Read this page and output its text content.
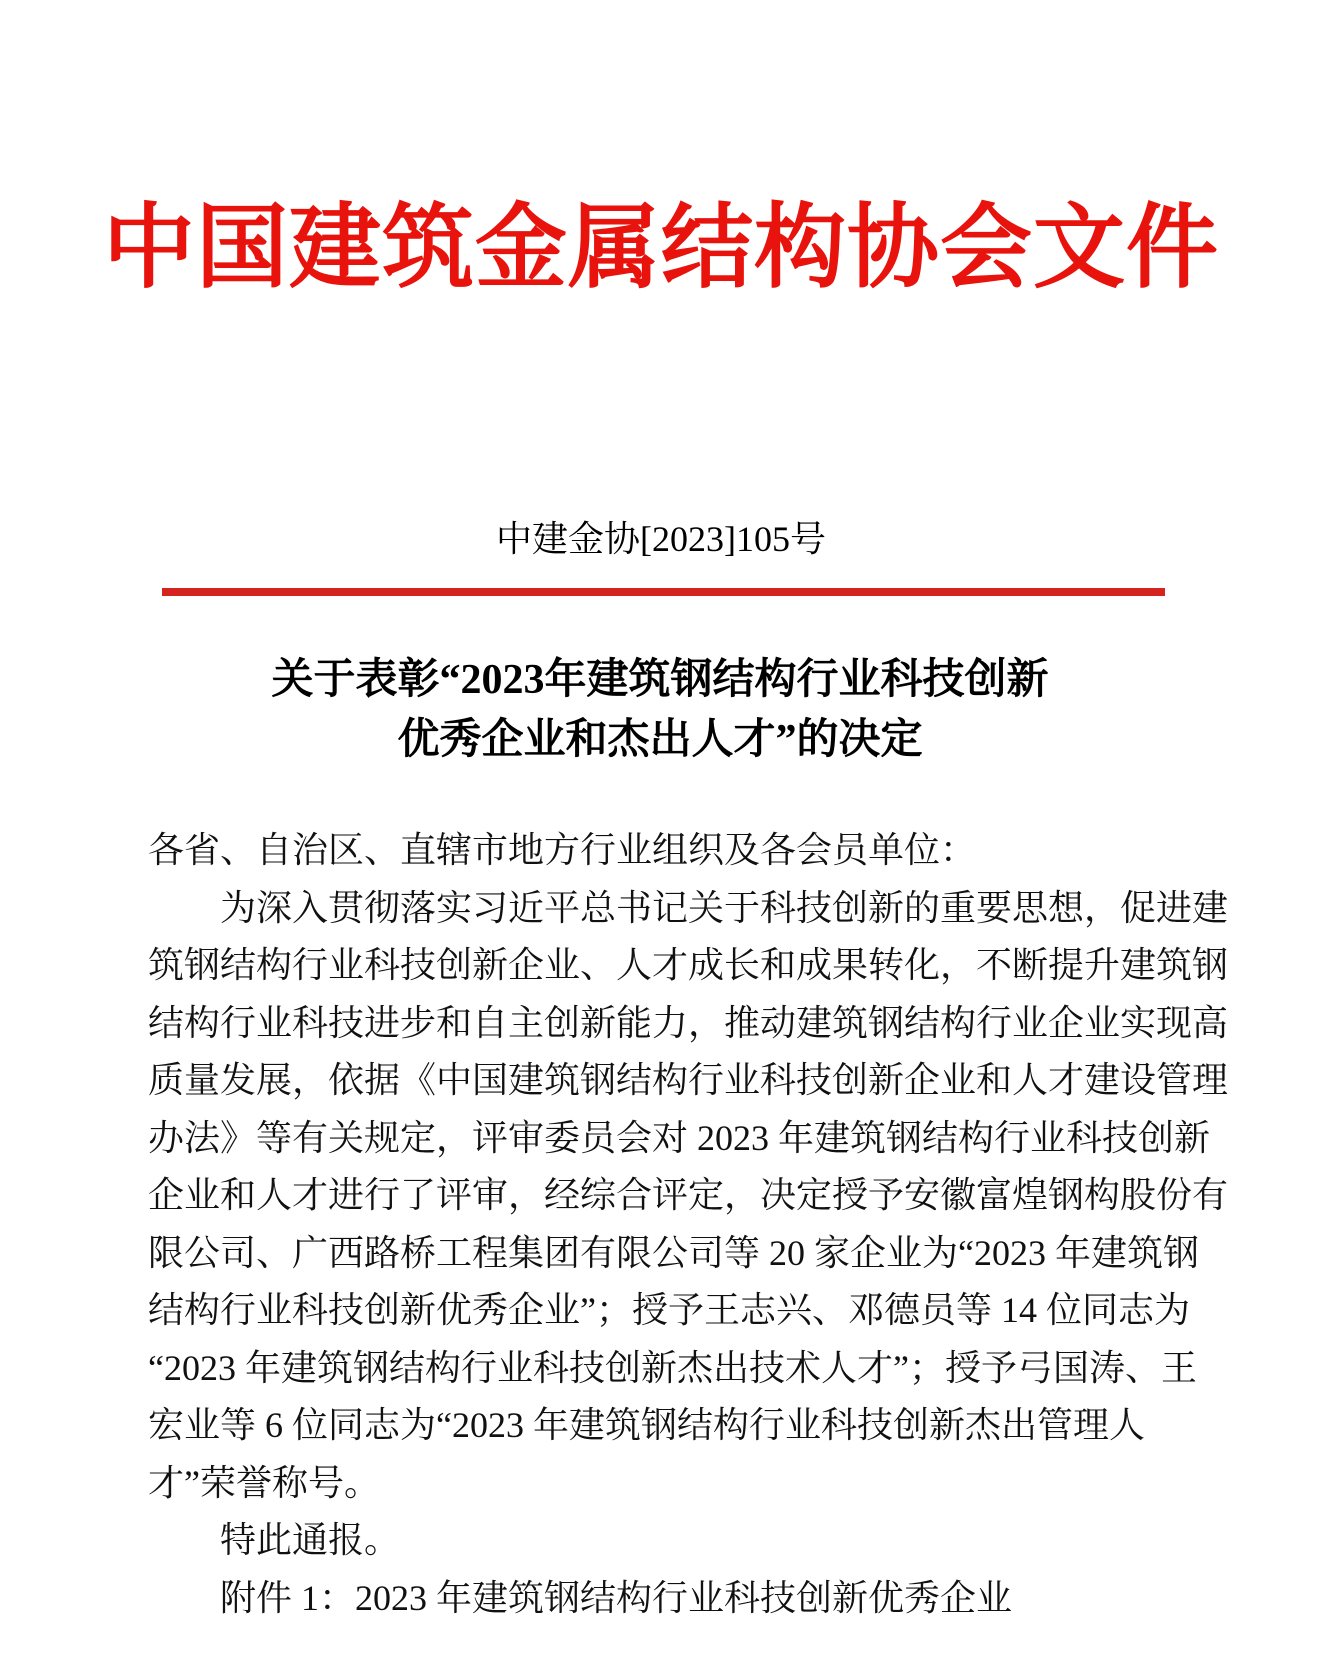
中国建筑金属结构协会文件
中建金协[2023]105号
关于表彰“2023年建筑钢结构行业科技创新
优秀企业和杰出人才”的决定
各省、自治区、直辖市地方行业组织及各会员单位：
为深入贯彻落实习近平总书记关于科技创新的重要思想，促进建
筑钢结构行业科技创新企业、人才成长和成果转化，不断提升建筑钢
结构行业科技进步和自主创新能力，推动建筑钢结构行业企业实现高
质量发展，依据《中国建筑钢结构行业科技创新企业和人才建设管理
办法》等有关规定，评审委员会对 2023 年建筑钢结构行业科技创新
企业和人才进行了评审，经综合评定，决定授予安徽富煌钢构股份有
限公司、广西路桥工程集团有限公司等 20 家企业为“2023 年建筑钢
结构行业科技创新优秀企业”；授予王志兴、邓德员等 14 位同志为
“2023 年建筑钢结构行业科技创新杰出技术人才”；授予弓国涛、王
宏业等 6 位同志为“2023 年建筑钢结构行业科技创新杰出管理人
才”荣誉称号。
特此通报。
附件 1：2023 年建筑钢结构行业科技创新优秀企业
